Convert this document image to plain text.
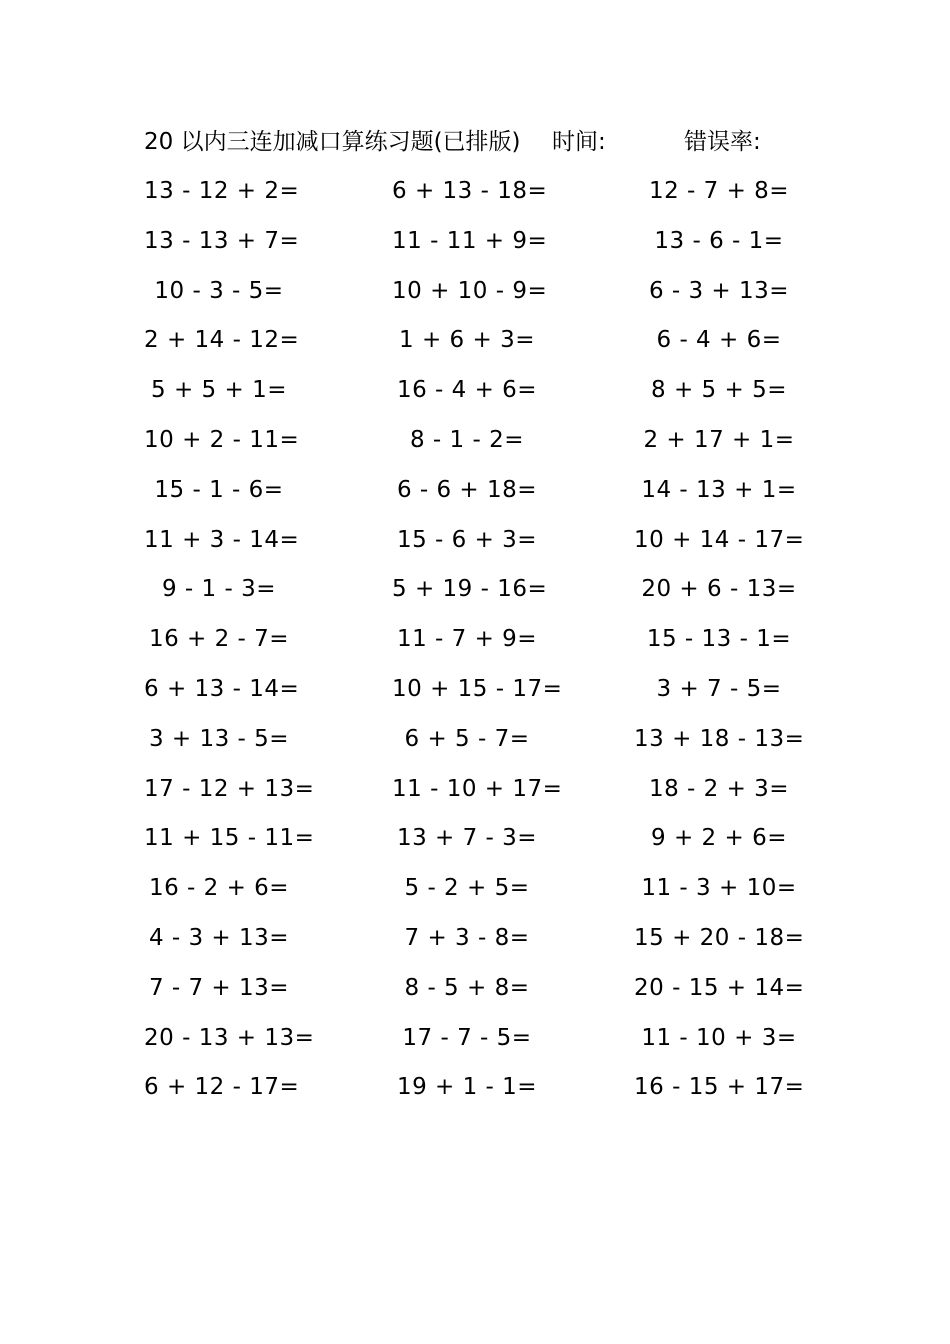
20 以内三连加减口算练习题(已排版) 时间:	错误率:
13 - 12 + 2=	6 + 13 - 18=	12 - 7 + 8=
13 - 13 + 7=	11 - 11 + 9=	13 - 6 - 1=
10 - 3 - 5=	10 + 10 - 9=	6 - 3 + 13=
2 + 14 - 12=	1 + 6 + 3=	6 - 4 + 6=
5 + 5 + 1=	16 - 4 + 6=	8 + 5 + 5=
10 + 2 - 11=	8 - 1 - 2=	2 + 17 + 1=
15 - 1 - 6=	6 - 6 + 18=	14 - 13 + 1=
11 + 3 - 14=	15 - 6 + 3=	10 + 14 - 17=
9 - 1 - 3=	5 + 19 - 16=	20 + 6 - 13=
16 + 2 - 7=	11 - 7 + 9=	15 - 13 - 1=
6 + 13 - 14=	10 + 15 - 17=	3 + 7 - 5=
3 + 13 - 5=	6 + 5 - 7=	13 + 18 - 13=
17 - 12 + 13=	11 - 10 + 17=	18 - 2 + 3=
11 + 15 - 11=	13 + 7 - 3=	9 + 2 + 6=
16 - 2 + 6=	5 - 2 + 5=	11 - 3 + 10=
4 - 3 + 13=	7 + 3 - 8=	15 + 20 - 18=
7 - 7 + 13=	8 - 5 + 8=	20 - 15 + 14=
20 - 13 + 13=	17 - 7 - 5=	11 - 10 + 3=
6 + 12 - 17=	19 + 1 - 1=	16 - 15 + 17=
